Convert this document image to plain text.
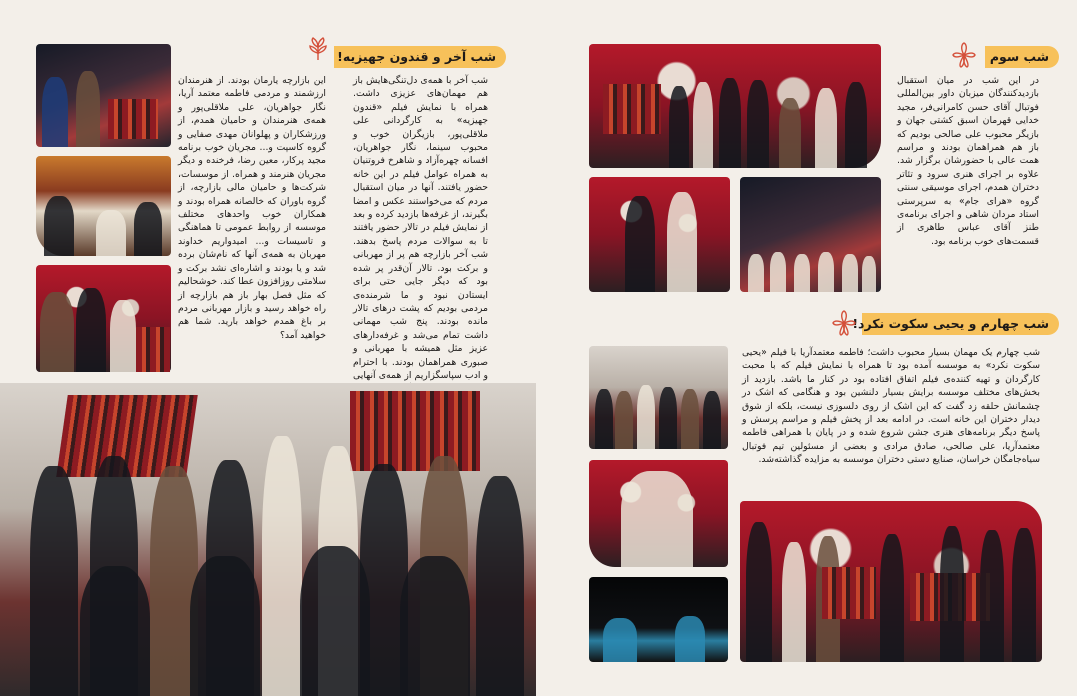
شب آخر و قندون جهیزیه!
شب آخر با همه‌ی دل‌تنگی‌هایش باز هم مهمان‌های عزیزی داشت. همراه با نمایش فیلم «قندون جهیزیه» به کارگردانی علی ملاقلی‌پور، بازیگران خوب و محبوب سینما، نگار جواهریان، افسانه چهره‌آزاد و شاهرخ فروتنیان به همراه عوامل فیلم در این خانه حضور یافتند. آنها در میان استقبال مردم که می‌خواستند عکس و امضا بگیرند، از غرفه‌ها بازدید کرده و بعد از نمایش فیلم در تالار حضور یافتند تا به سوالات مردم پاسخ بدهند. شب آخر بازارچه هم پر از مهربانی و برکت بود. تالار آن‌قدر پر شده بود که دیگر جایی حتی برای ایستادن نبود و ما شرمنده‌ی مردمی بودیم که پشت درهای تالار مانده بودند. پنج شب مهمانی داشت تمام می‌شد و غرفه‌دارهای عزیز مثل همیشه با مهربانی و صبوری همراهمان بودند. با احترام و ادب سپاسگزاریم از همه‌ی آنهایی
این بازارچه یارمان بودند. از هنرمندان ارزشمند و مردمی فاطمه معتمد آریا، نگار جواهریان، علی ملاقلی‌پور و همه‌ی هنرمندان و حامیان همدم، از ورزشکاران و پهلوانان مهدی صفایی و گروه کاسپت و... مجریان خوب برنامه مجید پرکار، معین رضا، فرخنده و دیگر مجریان هنرمند و همراه. از موسسات، شرکت‌ها و حامیان مالی بازارچه، از گروه باوران که خالصانه همراه بودند و همکاران خوب واحدهای مختلف موسسه از روابط عمومی تا هماهنگی و تاسیسات و... امیدواریم خداوند مهربان به همه‌ی آنها که نام‌شان برده شد و یا بودند و اشاره‌ای نشد برکت و سلامتی روزافزون عطا کند. خوشحالیم که مثل فصل بهار باز هم بازارچه از راه خواهد رسید و بازار مهربانی مردم بر باغ همدم خواهد بارید. شما هم خواهید آمد؟
شب سوم
در این شب در میان استقبال بازدیدکنندگان میزبان داور بین‌المللی فوتبال آقای حسن کامرانی‌فر، مجید خدایی قهرمان اسبق کشتی جهان و بازیگر محبوب علی صالحی بودیم که باز هم همراهمان بودند و مراسم همت عالی با حضورشان برگزار شد. علاوه بر اجرای هنری سرود و تئاتر دختران همدم، اجرای موسیقی سنتی گروه «هرای جام» به سرپرستی استاد مردان شاهی و اجرای برنامه‌ی طنز آقای عباس طاهری از قسمت‌های خوب برنامه بود.
شب چهارم و یحیی سکوت نکرد!
شب چهارم یک مهمان بسیار محبوب داشت؛ فاطمه معتمدآریا با فیلم «یحیی سکوت نکرد» به موسسه آمده بود تا همراه با نمایش فیلم که با محبت کارگردان و تهیه کننده‌ی فیلم اتفاق افتاده بود در کنار ما باشد. بازدید از بخش‌های مختلف موسسه برایش بسیار دلنشین بود و هنگامی که اشک در چشمانش حلقه زد گفت که این اشک از روی دلسوزی نیست، بلکه از شوق دیدار دختران این خانه است. در ادامه بعد از پخش فیلم و مراسم پرسش و پاسخ دیگر برنامه‌های هنری جشن شروع شده و در پایان با همراهی فاطمه معتمدآریا، علی صالحی، صادق مرادی و بعضی از مسئولین تیم فوتبال سیاه‌جامگان خراسان، صنایع دستی دختران موسسه به مزایده گذاشته‌شد.
